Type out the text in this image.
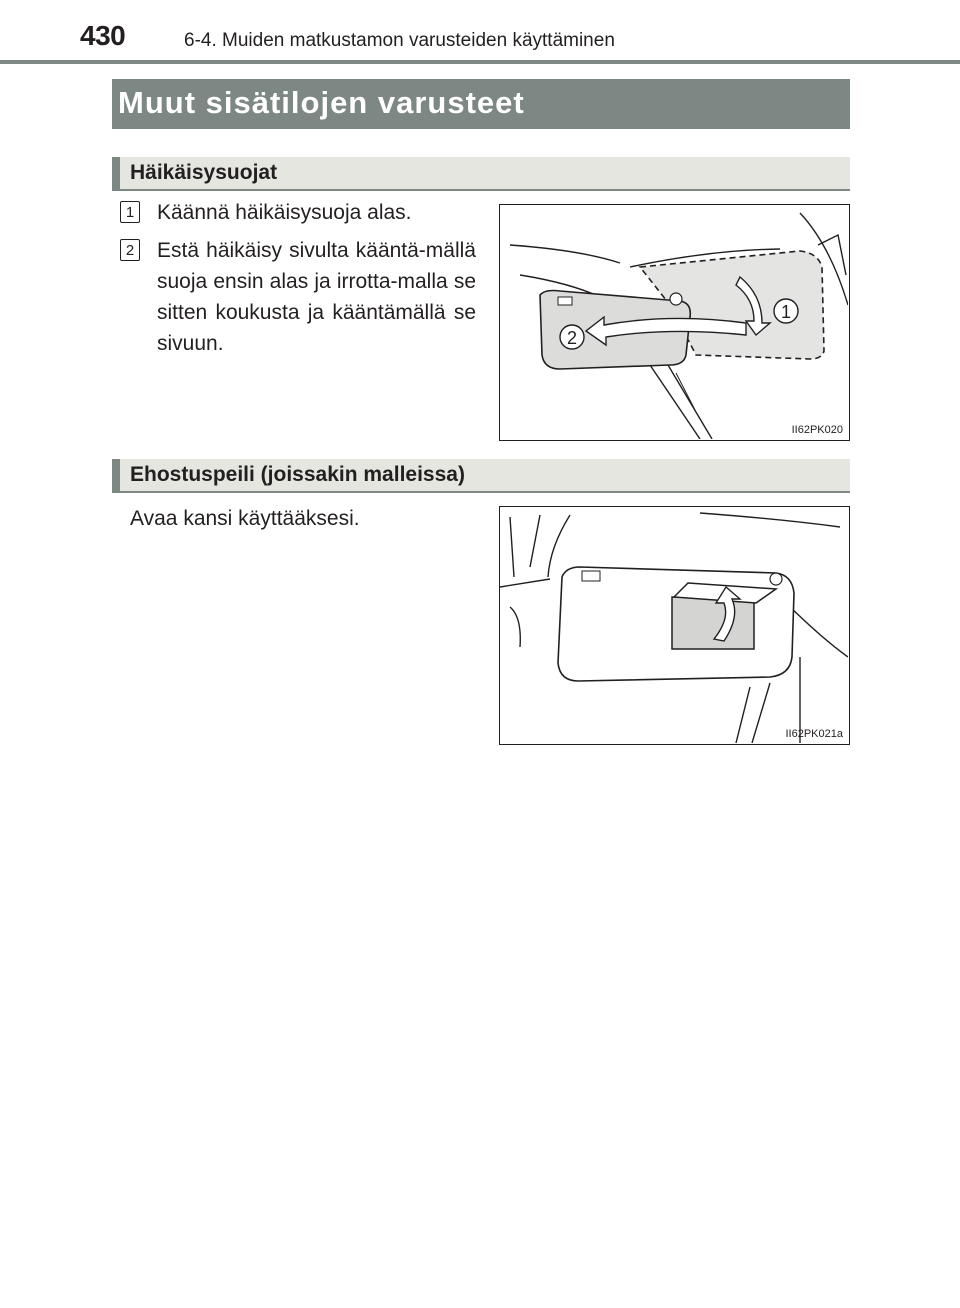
430	6-4. Muiden matkustamon varusteiden käyttäminen
Muut sisätilojen varusteet
Häikäisysuojat
1 Käännä häikäisysuoja alas.
2 Estä häikäisy sivulta kääntä-mällä suoja ensin alas ja irrotta-malla se sitten koukusta ja kääntämällä se sivuun.
1
2
II62PK020
Ehostuspeili (joissakin malleissa)
Avaa kansi käyttääksesi.
II62PK021a
